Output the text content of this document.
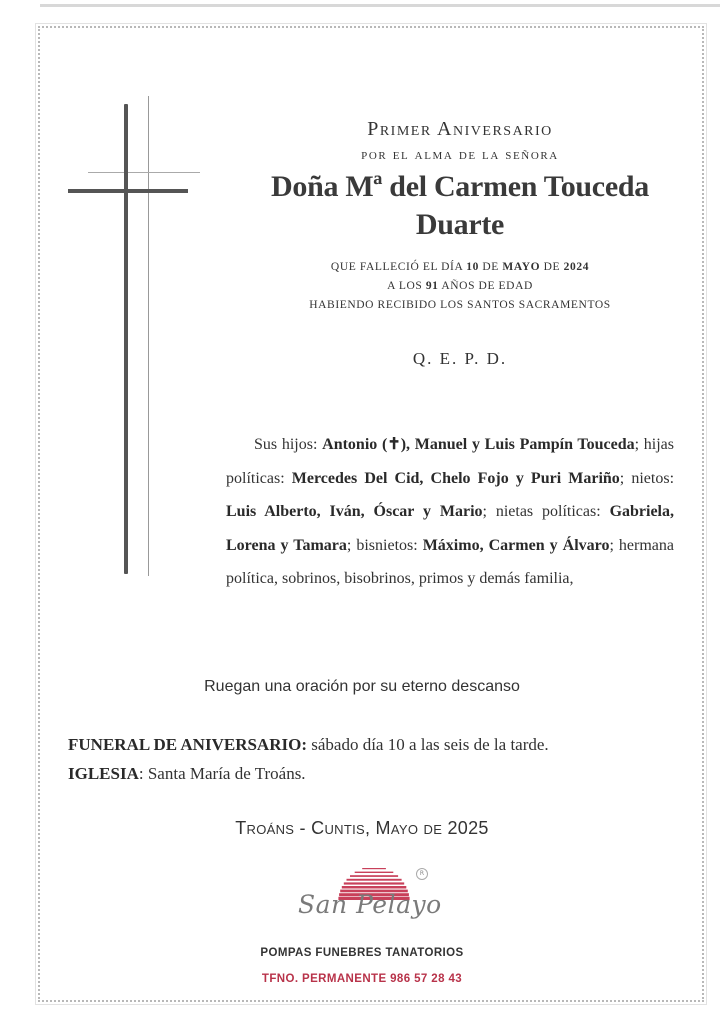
Primer Aniversario
por el alma de la señora
Doña Mª del Carmen Touceda
Duarte
QUE FALLECIÓ EL DÍA 10 DE MAYO DE 2024
A LOS 91 AÑOS DE EDAD
HABIENDO RECIBIDO LOS SANTOS SACRAMENTOS
Q. E. P. D.
Sus hijos: Antonio (✝), Manuel y Luis Pampín Touceda; hijas políticas: Mercedes Del Cid, Chelo Fojo y Puri Mariño; nietos: Luis Alberto, Iván, Óscar y Mario; nietas políticas: Gabriela, Lorena y Tamara; bisnietos: Máximo, Carmen y Álvaro; hermana política, sobrinos, bisobrinos, primos y demás familia,
Ruegan una oración por su eterno descanso
FUNERAL DE ANIVERSARIO: sábado día 10 a las seis de la tarde.
IGLESIA: Santa María de Troáns.
Troáns - Cuntis, Mayo de 2025
R
San Pelayo
POMPAS FUNEBRES TANATORIOS
TFNO. PERMANENTE 986 57 28 43
